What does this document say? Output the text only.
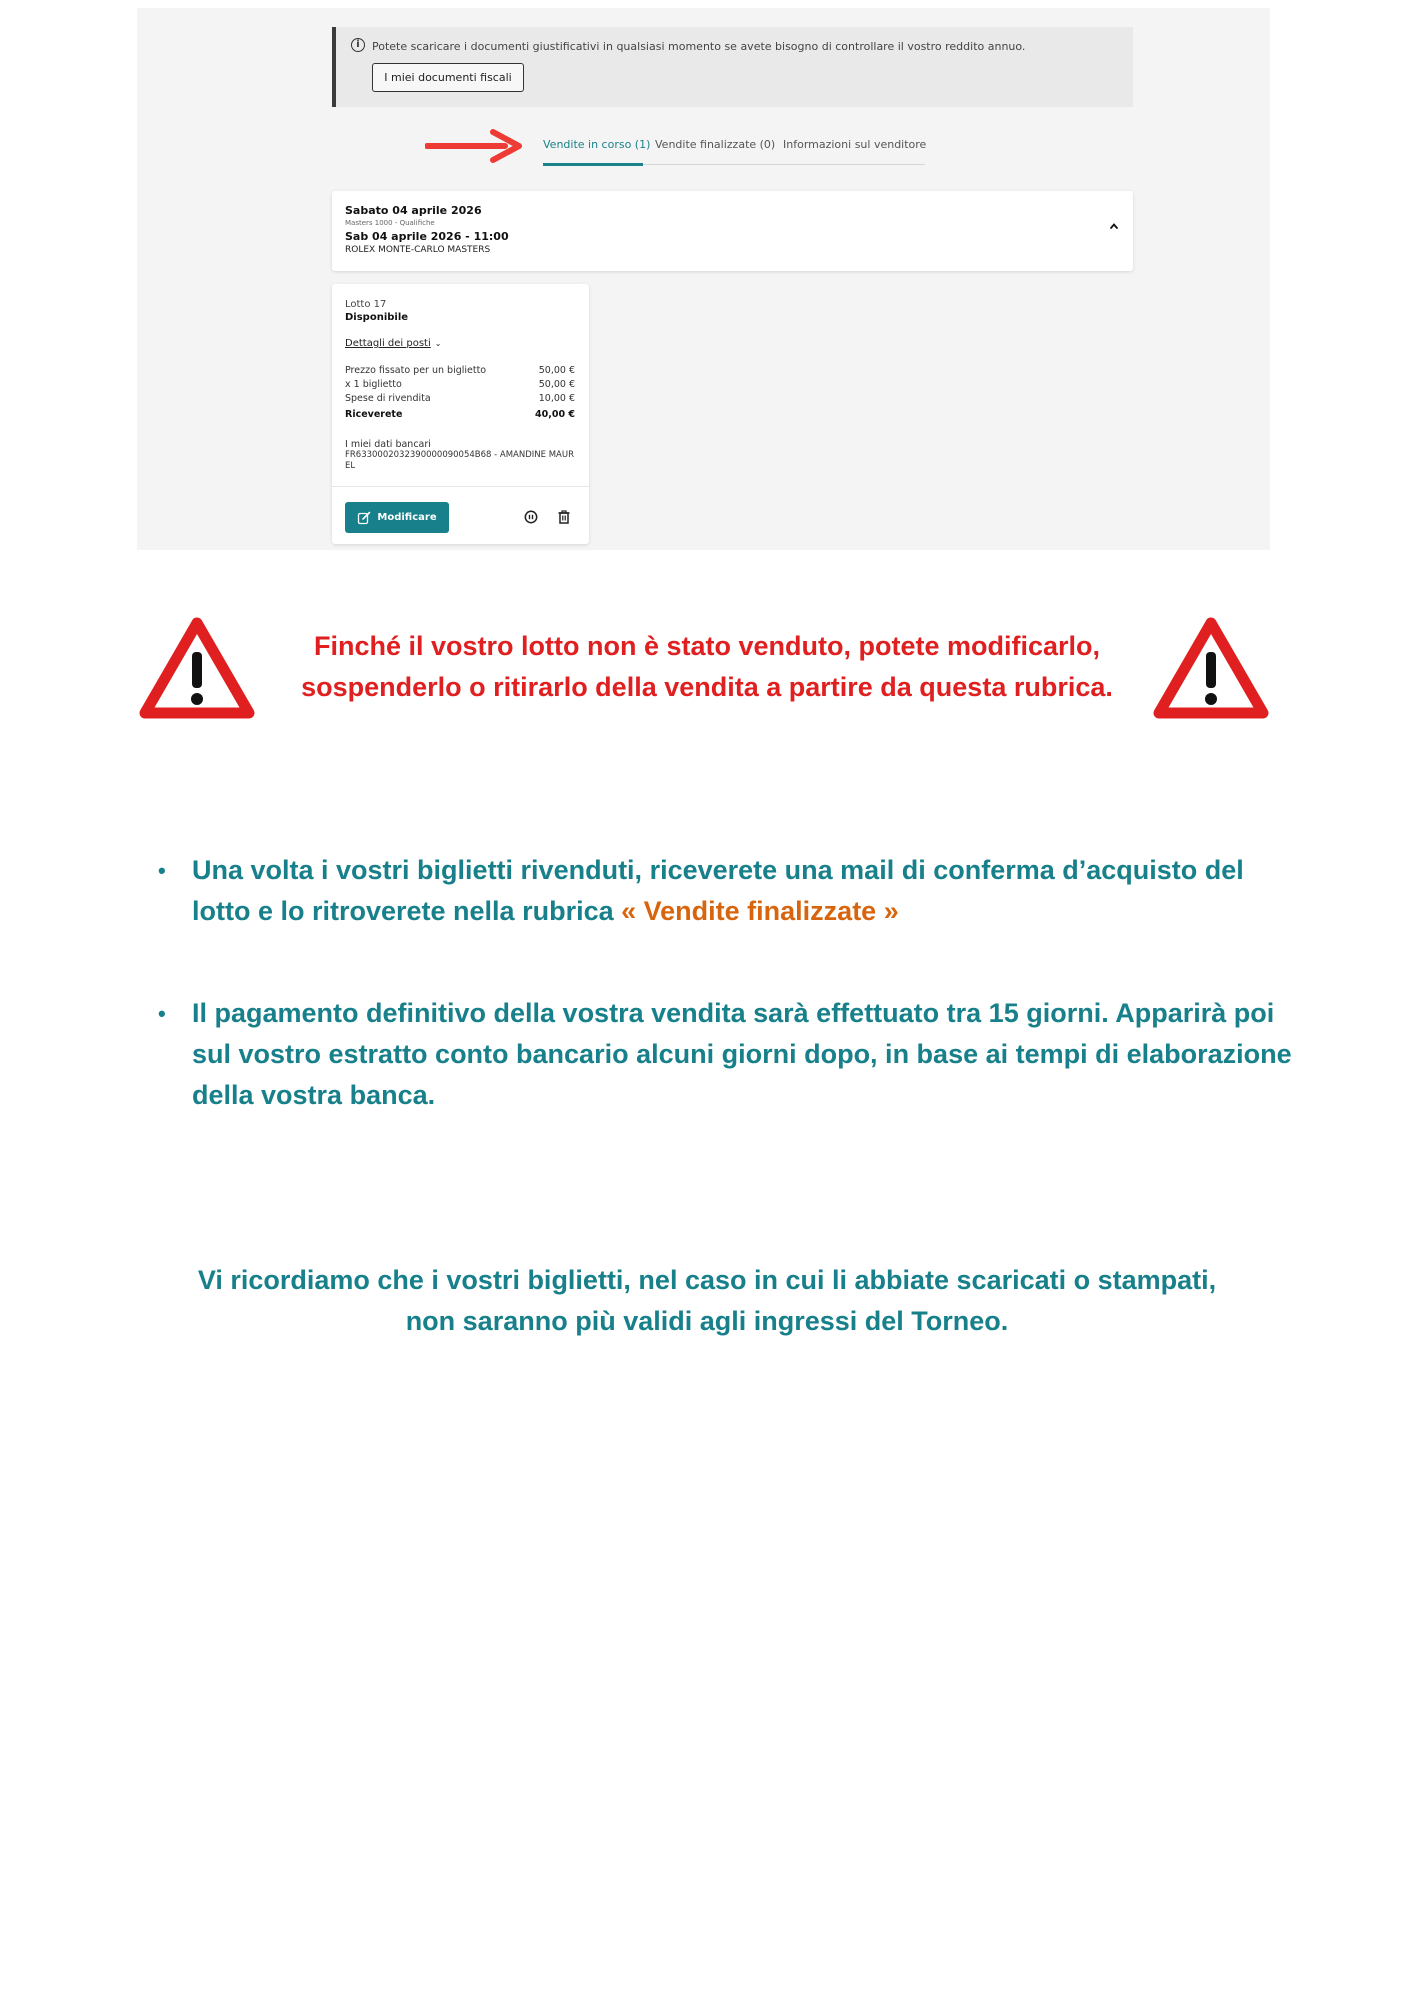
i	Potete scaricare i documenti giustificativi in qualsiasi momento se avete bisogno di controllare il vostro reddito annuo.
I miei documenti fiscali
Vendite in corso (1) Vendite finalizzate (0) Informazioni sul venditore
Sabato 04 aprile 2026
Masters 1000 - Qualifiche
Sab 04 aprile 2026 - 11:00
ROLEX MONTE-CARLO MASTERS
Lotto 17
Disponibile
Dettagli dei posti ⌄
Prezzo fissato per un biglietto	50,00 €
x 1 biglietto	50,00 €
Spese di rivendita	10,00 €
Riceverete	40,00 €
I miei dati bancari
FR6330002032390000090054B68 - AMANDINE MAUREL
Modificare
Finché il vostro lotto non è stato venduto, potete modificarlo,
sospenderlo o ritirarlo della vendita a partire da questa rubrica.
• Una volta i vostri biglietti rivenduti, riceverete una mail di conferma d’acquisto del lotto e lo ritroverete nella rubrica « Vendite finalizzate »
• Il pagamento definitivo della vostra vendita sarà effettuato tra 15 giorni. Apparirà poi sul vostro estratto conto bancario alcuni giorni dopo, in base ai tempi di elaborazione della vostra banca.
Vi ricordiamo che i vostri biglietti, nel caso in cui li abbiate scaricati o stampati,
non saranno più validi agli ingressi del Torneo.
